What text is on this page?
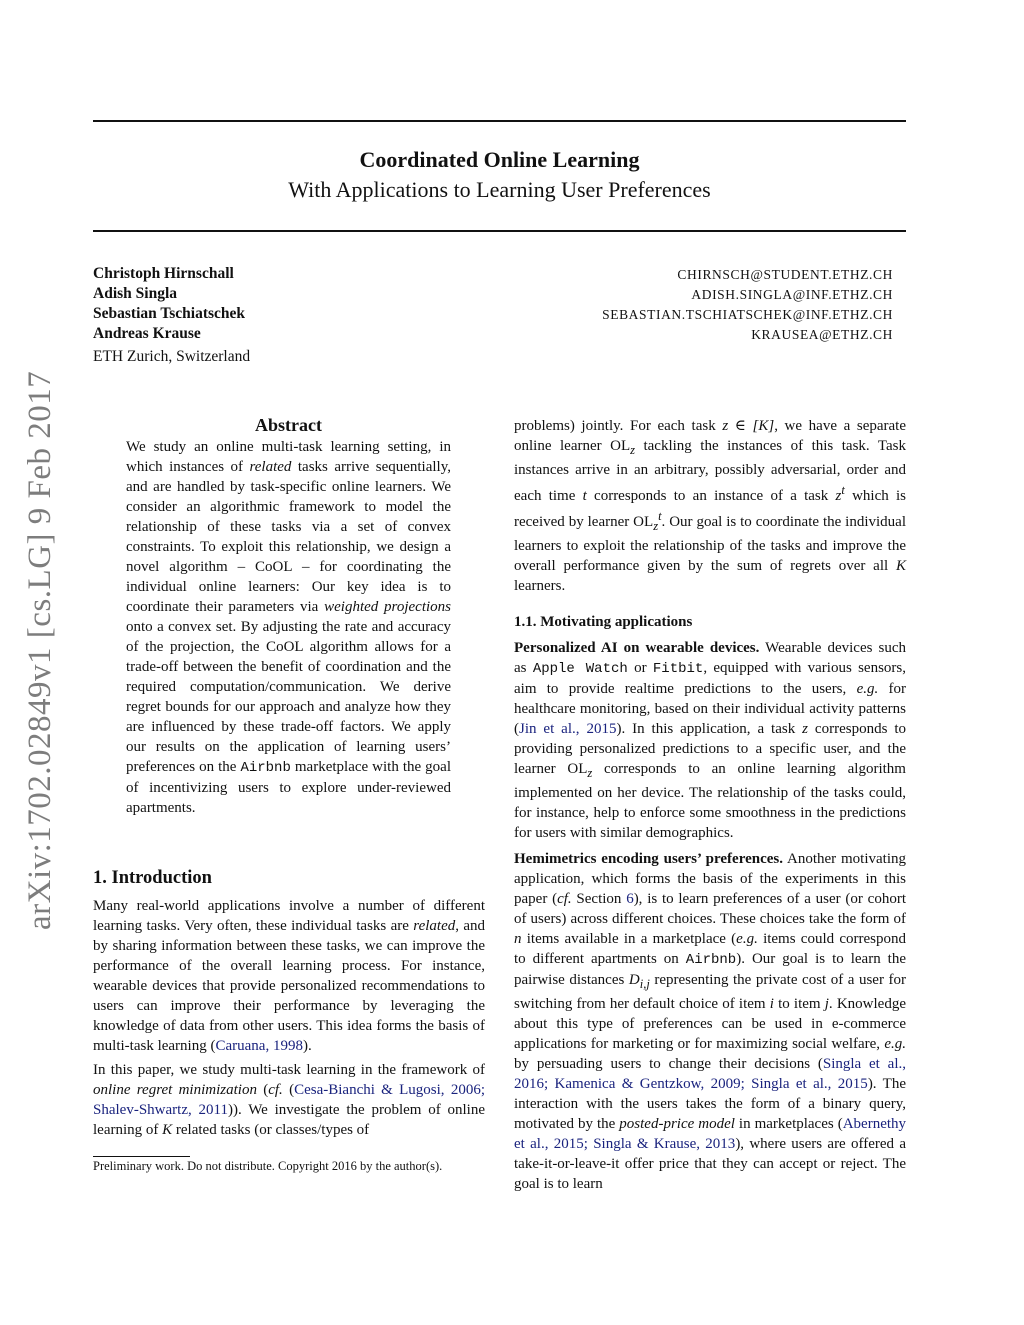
Coordinated Online Learning
With Applications to Learning User Preferences
Christoph Hirnschall
Adish Singla
Sebastian Tschiatschek
Andreas Krause
CHIRNSCH@STUDENT.ETHZ.CH
ADISH.SINGLA@INF.ETHZ.CH
SEBASTIAN.TSCHIATSCHEK@INF.ETHZ.CH
KRAUSEA@ETHZ.CH
ETH Zurich, Switzerland
arXiv:1702.02849v1 [cs.LG] 9 Feb 2017	Abstract

We study an online multi-task learning setting, in which instances of related tasks arrive sequentially, and are handled by task-specific online learners. We consider an algorithmic framework to model the relationship of these tasks via a set of convex constraints. To exploit this relationship, we design a novel algorithm – CoOL – for coordinating the individual online learners: Our key idea is to coordinate their parameters via weighted projections onto a convex set. By adjusting the rate and accuracy of the projection, the CoOL algorithm allows for a trade-off between the benefit of coordination and the required computation/communication. We derive regret bounds for our approach and analyze how they are influenced by these trade-off factors. We apply our results on the application of learning users’ preferences on the Airbnb marketplace with the goal of incentivizing users to explore under-reviewed apartments.

1. Introduction

Many real-world applications involve a number of different learning tasks. Very often, these individual tasks are related, and by sharing information between these tasks, we can improve the performance of the overall learning process. For instance, wearable devices that provide personalized recommendations to users can improve their performance by leveraging the knowledge of data from other users. This idea forms the basis of multi-task learning (Caruana, 1998).

In this paper, we study multi-task learning in the framework of online regret minimization (cf. (Cesa-Bianchi & Lugosi, 2006; Shalev-Shwartz, 2011)). We investigate the problem of online learning of K related tasks (or classes/types of

Preliminary work. Do not distribute. Copyright 2016 by the author(s).

problems) jointly. For each task z ∈ [K], we have a separate online learner $OL_z$ tackling the instances of this task. Task instances arrive in an arbitrary, possibly adversarial, order and each time t corresponds to an instance of a task $z^t$ which is received by learner $OL_z^t$. Our goal is to coordinate the individual learners to exploit the relationship of the tasks and improve the overall performance given by the sum of regrets over all K learners.

1.1. Motivating applications

Personalized AI on wearable devices. Wearable devices such as Apple Watch or Fitbit, equipped with various sensors, aim to provide realtime predictions to the users, e.g. for healthcare monitoring, based on their individual activity patterns (Jin et al., 2015). In this application, a task z corresponds to providing personalized predictions to a specific user, and the learner $OL_z$ corresponds to an online learning algorithm implemented on her device. The relationship of the tasks could, for instance, help to enforce some smoothness in the predictions for users with similar demographics.

Hemimetrics encoding users’ preferences. Another motivating application, which forms the basis of the experiments in this paper (cf. Section 6), is to learn preferences of a user (or cohort of users) across different choices. These choices take the form of n items available in a marketplace (e.g. items could correspond to different apartments on Airbnb). Our goal is to learn the pairwise distances $D_{i,j}$ representing the private cost of a user for switching from her default choice of item i to item j. Knowledge about this type of preferences can be used in e-commerce applications for marketing or for maximizing social welfare, e.g. by persuading users to change their decisions (Singla et al., 2016; Kamenica & Gentzkow, 2009; Singla et al., 2015). The interaction with the users takes the form of a binary query, motivated by the posted-price model in marketplaces (Abernethy et al., 2015; Singla & Krause, 2013), where users are offered a take-it-or-leave-it offer price that they can accept or reject. The goal is to learn
